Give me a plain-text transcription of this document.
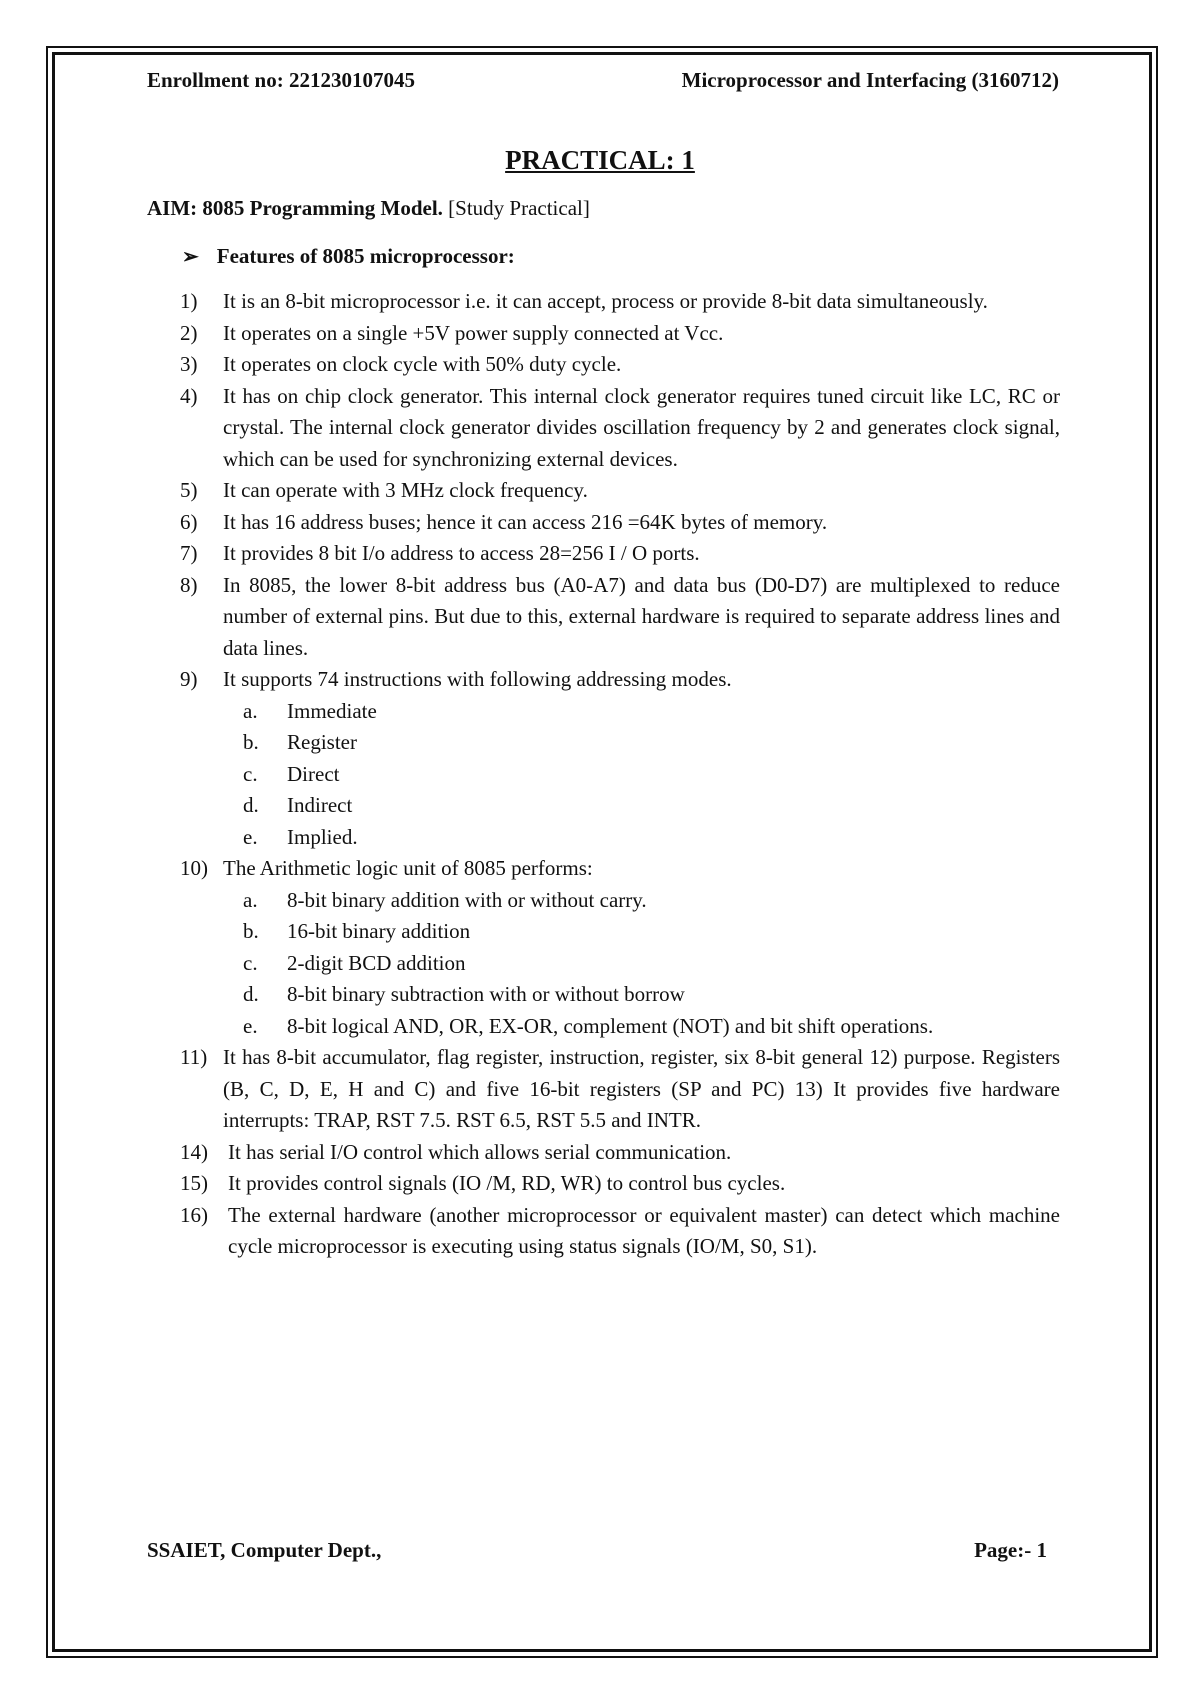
Enrollment no: 221230107045	Microprocessor and Interfacing (3160712)
PRACTICAL: 1
AIM: 8085 Programming Model. [Study Practical]
➢ Features of 8085 microprocessor:
1)	It is an 8-bit microprocessor i.e. it can accept, process or provide 8-bit data simultaneously.
2)	It operates on a single +5V power supply connected at Vcc.
3)	It operates on clock cycle with 50% duty cycle.
4)	It has on chip clock generator. This internal clock generator requires tuned circuit like LC, RC or crystal. The internal clock generator divides oscillation frequency by 2 and generates clock signal, which can be used for synchronizing external devices.
5)	It can operate with 3 MHz clock frequency.
6)	It has 16 address buses; hence it can access 216 =64K bytes of memory.
7)	It provides 8 bit I/o address to access 28=256 I / O ports.
8)	In 8085, the lower 8-bit address bus (A0-A7) and data bus (D0-D7) are multiplexed to reduce number of external pins. But due to this, external hardware is required to separate address lines and data lines.
9)	It supports 74 instructions with following addressing modes.
a.	Immediate
b.	Register
c.	Direct
d.	Indirect
e.	Implied.
10) The Arithmetic logic unit of 8085 performs:
a.	8-bit binary addition with or without carry.
b.	16-bit binary addition
c.	2-digit BCD addition
d.	8-bit binary subtraction with or without borrow
e.	8-bit logical AND, OR, EX-OR, complement (NOT) and bit shift operations.
11) It has 8-bit accumulator, flag register, instruction, register, six 8-bit general 12) purpose. Registers (B, C, D, E, H and C) and five 16-bit registers (SP and PC) 13) It provides five hardware interrupts: TRAP, RST 7.5. RST 6.5, RST 5.5 and INTR.
14) It has serial I/O control which allows serial communication.
15) It provides control signals (IO /M, RD, WR) to control bus cycles.
16) The external hardware (another microprocessor or equivalent master) can detect which machine cycle microprocessor is executing using status signals (IO/M, S0, S1).
SSAIET, Computer Dept.,	Page:- 1
